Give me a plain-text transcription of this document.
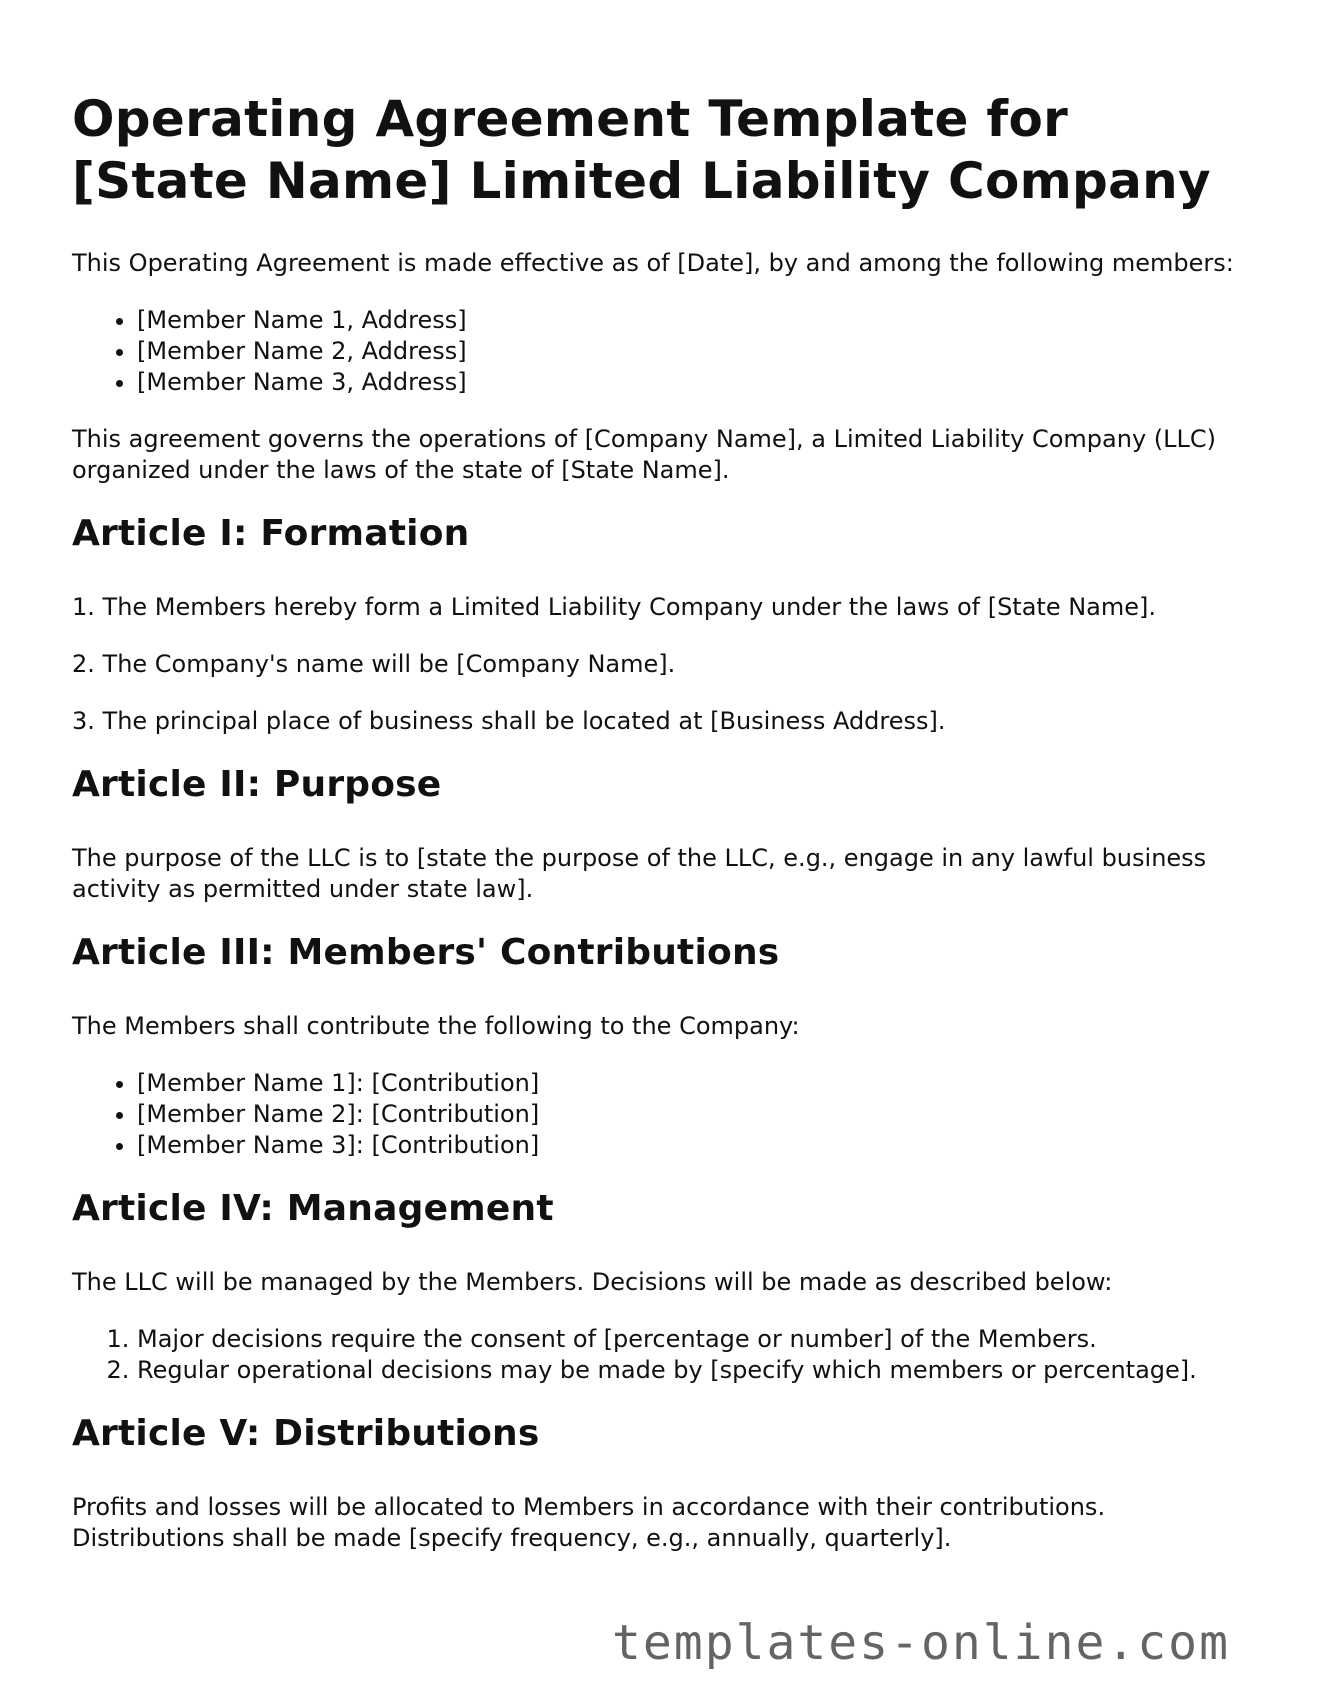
Operating Agreement Template for [State Name] Limited Liability Company

This Operating Agreement is made effective as of [Date], by and among the following members:

• [Member Name 1, Address]
• [Member Name 2, Address]
• [Member Name 3, Address]

This agreement governs the operations of [Company Name], a Limited Liability Company (LLC) organized under the laws of the state of [State Name].

Article I: Formation

1. The Members hereby form a Limited Liability Company under the laws of [State Name].

2. The Company's name will be [Company Name].

3. The principal place of business shall be located at [Business Address].

Article II: Purpose

The purpose of the LLC is to [state the purpose of the LLC, e.g., engage in any lawful business activity as permitted under state law].

Article III: Members' Contributions

The Members shall contribute the following to the Company:

• [Member Name 1]: [Contribution]
• [Member Name 2]: [Contribution]
• [Member Name 3]: [Contribution]
Article IV: Management

The LLC will be managed by the Members. Decisions will be made as described below:

1. Major decisions require the consent of [percentage or number] of the Members.
2. Regular operational decisions may be made by [specify which members or percentage].
Article V: Distributions

Profits and losses will be allocated to Members in accordance with their contributions. Distributions shall be made [specify frequency, e.g., annually, quarterly].

templates-online.com
